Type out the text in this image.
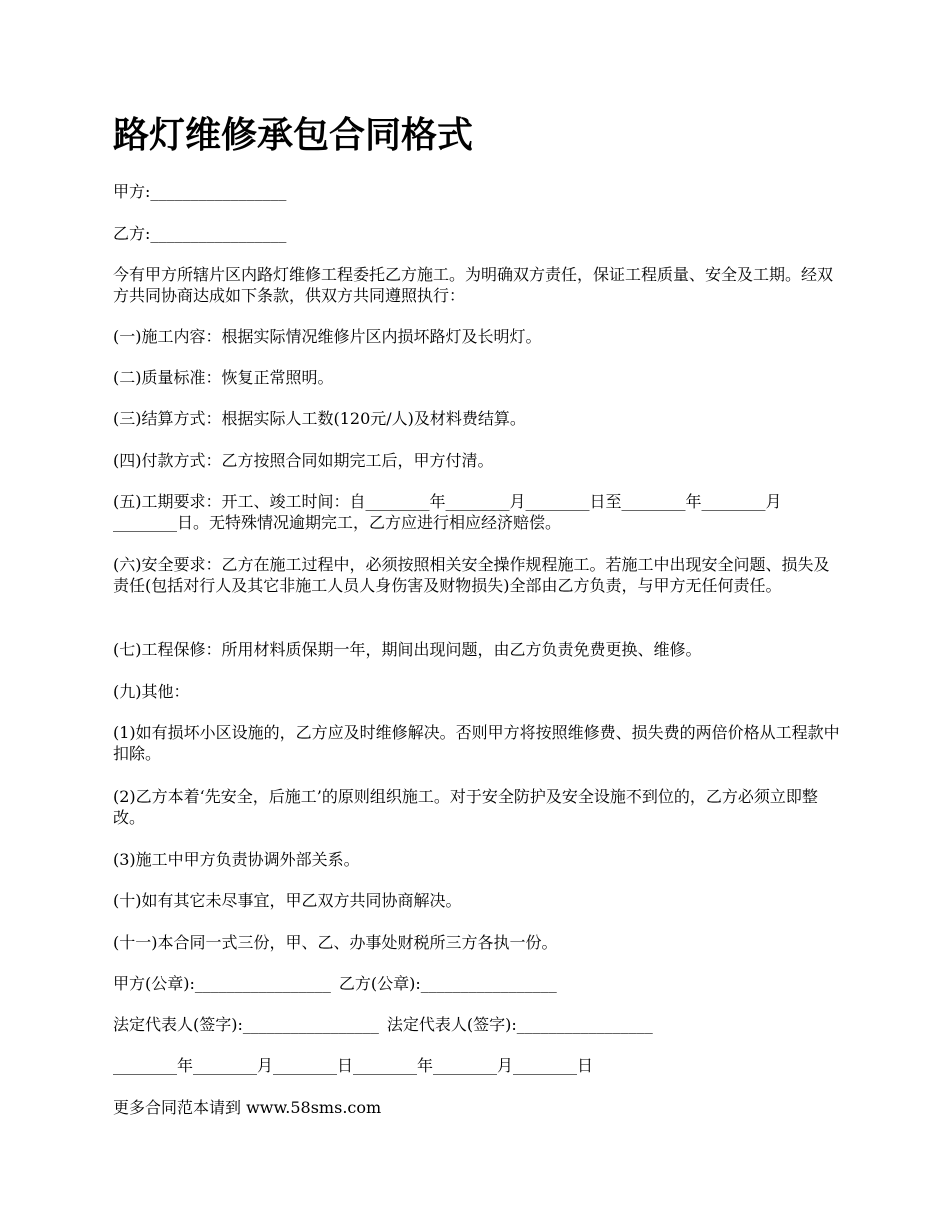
路灯维修承包合同格式

甲方:_________________

乙方:_________________

今有甲方所辖片区内路灯维修工程委托乙方施工。为明确双方责任，保证工程质量、安全及工期。经双方共同协商达成如下条款，供双方共同遵照执行：

(一)施工内容：根据实际情况维修片区内损坏路灯及长明灯。

(二)质量标准：恢复正常照明。

(三)结算方式：根据实际人工数(120元/人)及材料费结算。

(四)付款方式：乙方按照合同如期完工后，甲方付清。

(五)工期要求：开工、竣工时间：自________年________月________日至________年________月________日。无特殊情况逾期完工，乙方应进行相应经济赔偿。

(六)安全要求：乙方在施工过程中，必须按照相关安全操作规程施工。若施工中出现安全问题、损失及责任(包括对行人及其它非施工人员人身伤害及财物损失)全部由乙方负责，与甲方无任何责任。

(七)工程保修：所用材料质保期一年，期间出现问题，由乙方负责免费更换、维修。

(九)其他：

(1)如有损坏小区设施的，乙方应及时维修解决。否则甲方将按照维修费、损失费的两倍价格从工程款中扣除。

(2)乙方本着‘先安全，后施工’的原则组织施工。对于安全防护及安全设施不到位的，乙方必须立即整改。

(3)施工中甲方负责协调外部关系。

(十)如有其它未尽事宜，甲乙双方共同协商解决。

(十一)本合同一式三份，甲、乙、办事处财税所三方各执一份。

甲方(公章):_________________ 乙方(公章):_________________

法定代表人(签字):_________________ 法定代表人(签字):_________________

________年________月________日________年________月________日

更多合同范本请到 www.58sms.com
